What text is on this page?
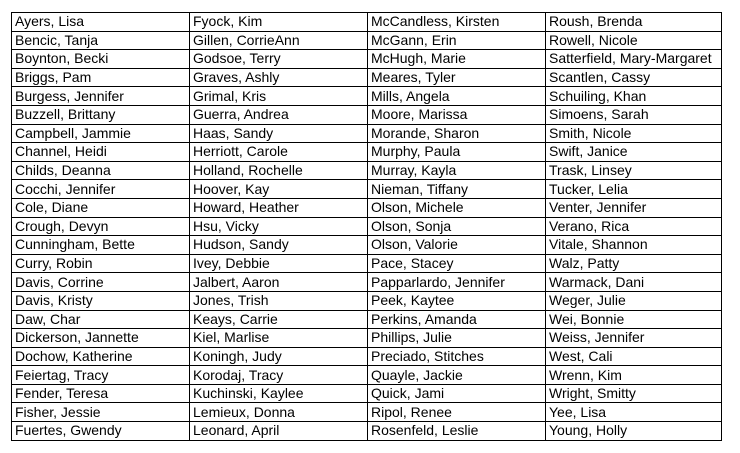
Ayers, Lisa	Fyock, Kim	McCandless, Kirsten	Roush, Brenda
Bencic, Tanja	Gillen, CorrieAnn	McGann, Erin	Rowell, Nicole
Boynton, Becki	Godsoe, Terry	McHugh, Marie	Satterfield, Mary-Margaret
Briggs, Pam	Graves, Ashly	Meares, Tyler	Scantlen, Cassy
Burgess, Jennifer	Grimal, Kris	Mills, Angela	Schuiling, Khan
Buzzell, Brittany	Guerra, Andrea	Moore, Marissa	Simoens, Sarah
Campbell, Jammie	Haas, Sandy	Morande, Sharon	Smith, Nicole
Channel, Heidi	Herriott, Carole	Murphy, Paula	Swift, Janice
Childs, Deanna	Holland, Rochelle	Murray, Kayla	Trask, Linsey
Cocchi, Jennifer	Hoover, Kay	Nieman, Tiffany	Tucker, Lelia
Cole, Diane	Howard, Heather	Olson, Michele	Venter, Jennifer
Crough, Devyn	Hsu, Vicky	Olson, Sonja	Verano, Rica
Cunningham, Bette	Hudson, Sandy	Olson, Valorie	Vitale, Shannon
Curry, Robin	Ivey, Debbie	Pace, Stacey	Walz, Patty
Davis, Corrine	Jalbert, Aaron	Papparlardo, Jennifer	Warmack, Dani
Davis, Kristy	Jones, Trish	Peek, Kaytee	Weger, Julie
Daw, Char	Keays, Carrie	Perkins, Amanda	Wei, Bonnie
Dickerson, Jannette	Kiel, Marlise	Phillips, Julie	Weiss, Jennifer
Dochow, Katherine	Koningh, Judy	Preciado, Stitches	West, Cali
Feiertag, Tracy	Korodaj, Tracy	Quayle, Jackie	Wrenn, Kim
Fender, Teresa	Kuchinski, Kaylee	Quick, Jami	Wright, Smitty
Fisher, Jessie	Lemieux, Donna	Ripol, Renee	Yee, Lisa
Fuertes, Gwendy	Leonard, April	Rosenfeld, Leslie	Young, Holly
